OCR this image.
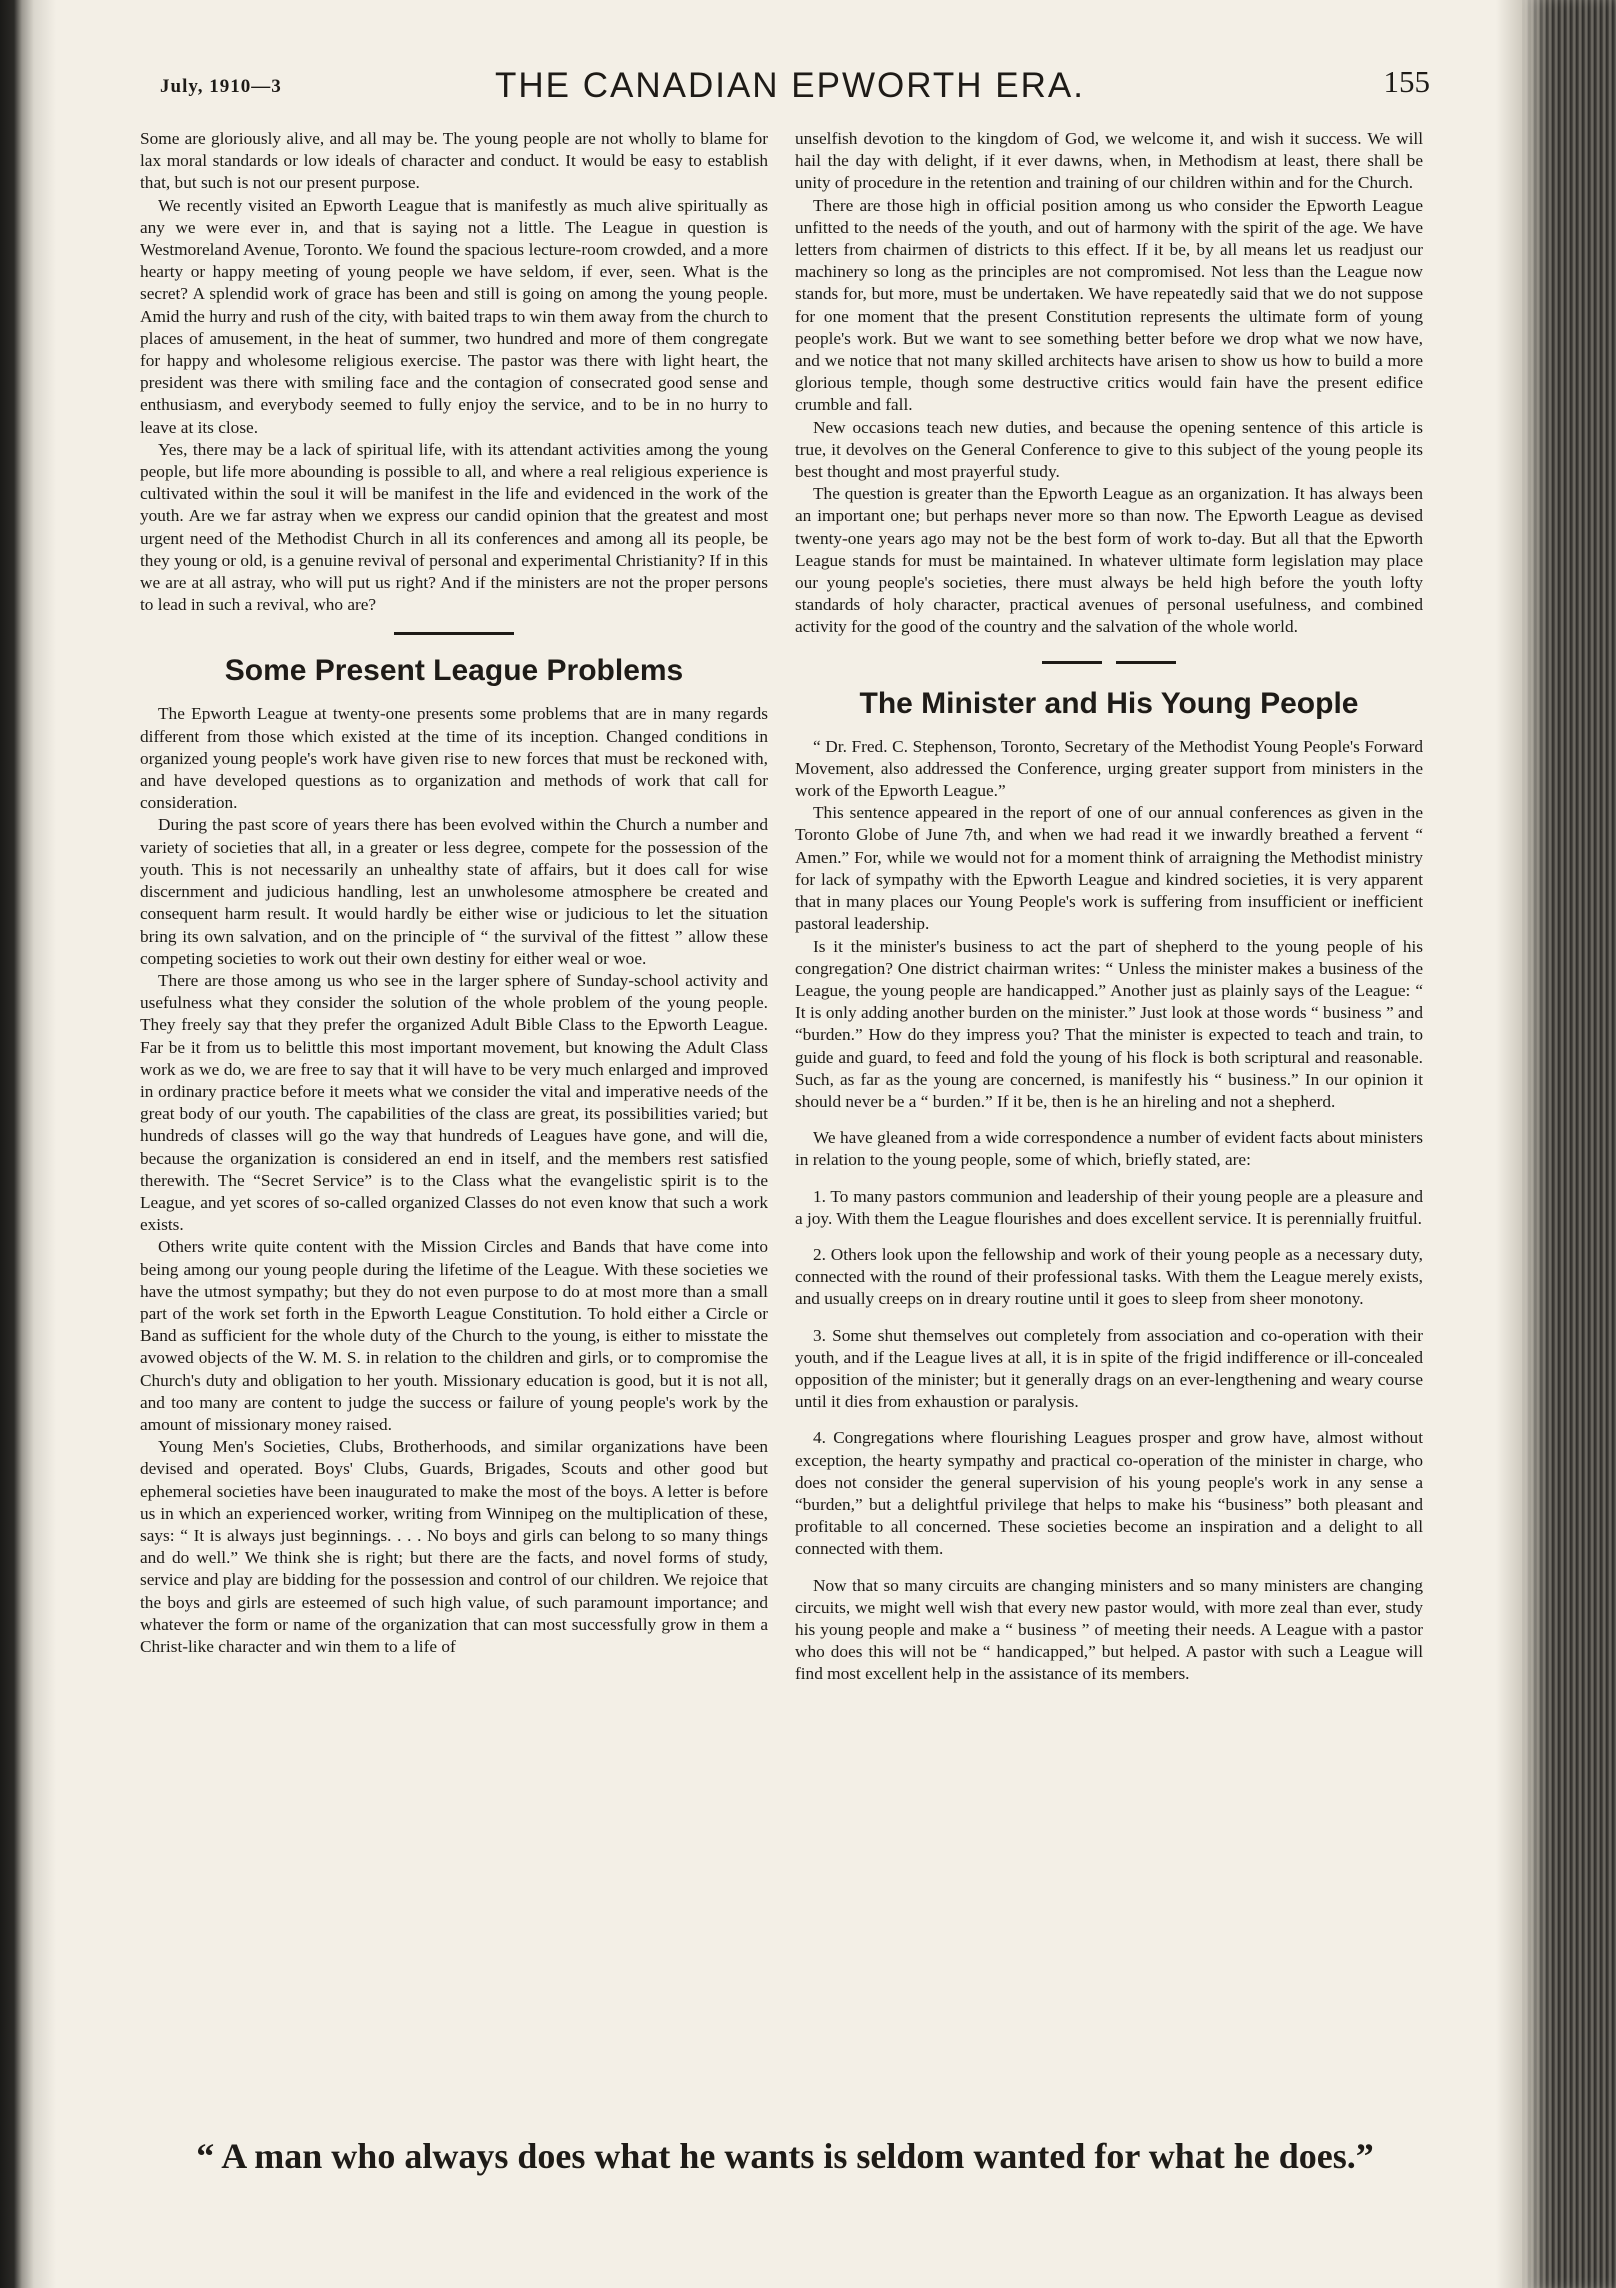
July, 1910—3	THE CANADIAN EPWORTH ERA.	155

Some are gloriously alive, and all may be. The young people are not wholly to blame for lax moral standards or low ideals of character and conduct. It would be easy to establish that, but such is not our present purpose.

We recently visited an Epworth League that is manifestly as much alive spiritually as any we were ever in, and that is saying not a little. The League in question is Westmoreland Avenue, Toronto. We found the spacious lecture-room crowded, and a more hearty or happy meeting of young people we have seldom, if ever, seen. What is the secret? A splendid work of grace has been and still is going on among the young people. Amid the hurry and rush of the city, with baited traps to win them away from the church to places of amusement, in the heat of summer, two hundred and more of them congregate for happy and wholesome religious exercise. The pastor was there with light heart, the president was there with smiling face and the contagion of consecrated good sense and enthusiasm, and everybody seemed to fully enjoy the service, and to be in no hurry to leave at its close.

Yes, there may be a lack of spiritual life, with its attendant activities among the young people, but life more abounding is possible to all, and where a real religious experience is cultivated within the soul it will be manifest in the life and evidenced in the work of the youth. Are we far astray when we express our candid opinion that the greatest and most urgent need of the Methodist Church in all its conferences and among all its people, be they young or old, is a genuine revival of personal and experimental Christianity? If in this we are at all astray, who will put us right? And if the ministers are not the proper persons to lead in such a revival, who are?

Some Present League Problems

The Epworth League at twenty-one presents some problems that are in many regards different from those which existed at the time of its inception. Changed conditions in organized young people's work have given rise to new forces that must be reckoned with, and have developed questions as to organization and methods of work that call for consideration.

During the past score of years there has been evolved within the Church a number and variety of societies that all, in a greater or less degree, compete for the possession of the youth. This is not necessarily an unhealthy state of affairs, but it does call for wise discernment and judicious handling, lest an unwholesome atmosphere be created and consequent harm result. It would hardly be either wise or judicious to let the situation bring its own salvation, and on the principle of “ the survival of the fittest ” allow these competing societies to work out their own destiny for either weal or woe.

There are those among us who see in the larger sphere of Sunday-school activity and usefulness what they consider the solution of the whole problem of the young people. They freely say that they prefer the organized Adult Bible Class to the Epworth League. Far be it from us to belittle this most important movement, but knowing the Adult Class work as we do, we are free to say that it will have to be very much enlarged and improved in ordinary practice before it meets what we consider the vital and imperative needs of the great body of our youth. The capabilities of the class are great, its possibilities varied; but hundreds of classes will go the way that hundreds of Leagues have gone, and will die, because the organization is considered an end in itself, and the members rest satisfied therewith. The “Secret Service” is to the Class what the evangelistic spirit is to the League, and yet scores of so-called organized Classes do not even know that such a work exists.

Others write quite content with the Mission Circles and Bands that have come into being among our young people during the lifetime of the League. With these societies we have the utmost sympathy; but they do not even purpose to do at most more than a small part of the work set forth in the Epworth League Constitution. To hold either a Circle or Band as sufficient for the whole duty of the Church to the young, is either to misstate the avowed objects of the W. M. S. in relation to the children and girls, or to compromise the Church's duty and obligation to her youth. Missionary education is good, but it is not all, and too many are content to judge the success or failure of young people's work by the amount of missionary money raised.

Young Men's Societies, Clubs, Brotherhoods, and similar organizations have been devised and operated. Boys' Clubs, Guards, Brigades, Scouts and other good but ephemeral societies have been inaugurated to make the most of the boys. A letter is before us in which an experienced worker, writing from Winnipeg on the multiplication of these, says: “ It is always just beginnings. . . . No boys and girls can belong to so many things and do well.” We think she is right; but there are the facts, and novel forms of study, service and play are bidding for the possession and control of our children. We rejoice that the boys and girls are esteemed of such high value, of such paramount importance; and whatever the form or name of the organization that can most successfully grow in them a Christ-like character and win them to a life of

unselfish devotion to the kingdom of God, we welcome it, and wish it success. We will hail the day with delight, if it ever dawns, when, in Methodism at least, there shall be unity of procedure in the retention and training of our children within and for the Church.

There are those high in official position among us who consider the Epworth League unfitted to the needs of the youth, and out of harmony with the spirit of the age. We have letters from chairmen of districts to this effect. If it be, by all means let us readjust our machinery so long as the principles are not compromised. Not less than the League now stands for, but more, must be undertaken. We have repeatedly said that we do not suppose for one moment that the present Constitution represents the ultimate form of young people's work. But we want to see something better before we drop what we now have, and we notice that not many skilled architects have arisen to show us how to build a more glorious temple, though some destructive critics would fain have the present edifice crumble and fall.

New occasions teach new duties, and because the opening sentence of this article is true, it devolves on the General Conference to give to this subject of the young people its best thought and most prayerful study.

The question is greater than the Epworth League as an organization. It has always been an important one; but perhaps never more so than now. The Epworth League as devised twenty-one years ago may not be the best form of work to-day. But all that the Epworth League stands for must be maintained. In whatever ultimate form legislation may place our young people's societies, there must always be held high before the youth lofty standards of holy character, practical avenues of personal usefulness, and combined activity for the good of the country and the salvation of the whole world.

The Minister and His Young People

“ Dr. Fred. C. Stephenson, Toronto, Secretary of the Methodist Young People's Forward Movement, also addressed the Conference, urging greater support from ministers in the work of the Epworth League.”

This sentence appeared in the report of one of our annual conferences as given in the Toronto Globe of June 7th, and when we had read it we inwardly breathed a fervent “ Amen.” For, while we would not for a moment think of arraigning the Methodist ministry for lack of sympathy with the Epworth League and kindred societies, it is very apparent that in many places our Young People's work is suffering from insufficient or inefficient pastoral leadership.

Is it the minister's business to act the part of shepherd to the young people of his congregation? One district chairman writes: “ Unless the minister makes a business of the League, the young people are handicapped.” Another just as plainly says of the League: “ It is only adding another burden on the minister.” Just look at those words “ business ” and “burden.” How do they impress you? That the minister is expected to teach and train, to guide and guard, to feed and fold the young of his flock is both scriptural and reasonable. Such, as far as the young are concerned, is manifestly his “ business.” In our opinion it should never be a “ burden.” If it be, then is he an hireling and not a shepherd.

We have gleaned from a wide correspondence a number of evident facts about ministers in relation to the young people, some of which, briefly stated, are:

1. To many pastors communion and leadership of their young people are a pleasure and a joy. With them the League flourishes and does excellent service. It is perennially fruitful.

2. Others look upon the fellowship and work of their young people as a necessary duty, connected with the round of their professional tasks. With them the League merely exists, and usually creeps on in dreary routine until it goes to sleep from sheer monotony.

3. Some shut themselves out completely from association and co-operation with their youth, and if the League lives at all, it is in spite of the frigid indifference or ill-concealed opposition of the minister; but it generally drags on an ever-lengthening and weary course until it dies from exhaustion or paralysis.

4. Congregations where flourishing Leagues prosper and grow have, almost without exception, the hearty sympathy and practical co-operation of the minister in charge, who does not consider the general supervision of his young people's work in any sense a “burden,” but a delightful privilege that helps to make his “business” both pleasant and profitable to all concerned. These societies become an inspiration and a delight to all connected with them.

Now that so many circuits are changing ministers and so many ministers are changing circuits, we might well wish that every new pastor would, with more zeal than ever, study his young people and make a “ business ” of meeting their needs. A League with a pastor who does this will not be “ handicapped,” but helped. A pastor with such a League will find most excellent help in the assistance of its members.

“ A man who always does what he wants is seldom wanted for what he does.”
